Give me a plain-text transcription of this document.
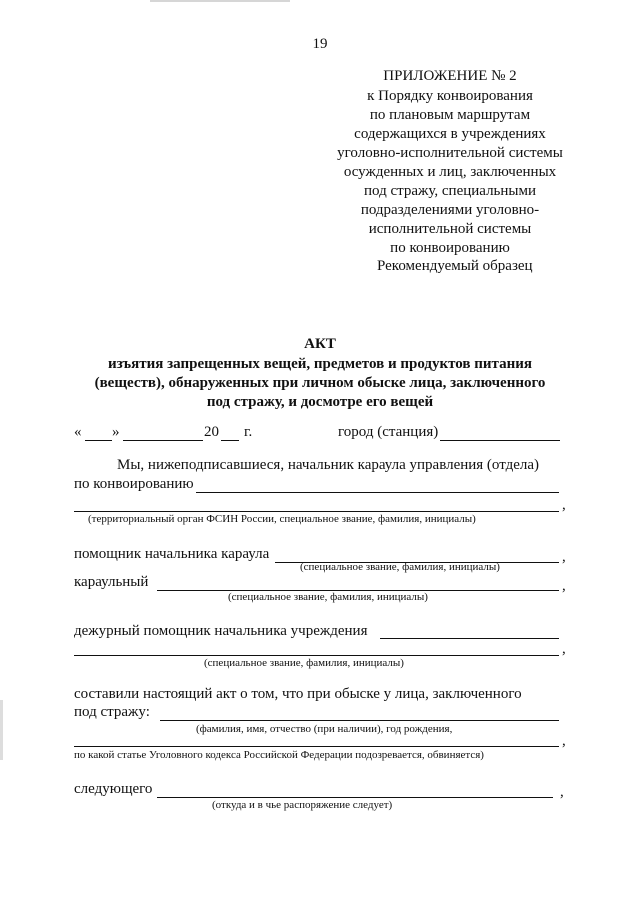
19
ПРИЛОЖЕНИЕ № 2
к Порядку конвоирования
по плановым маршрутам
содержащихся в учреждениях
уголовно-исполнительной системы
осужденных и лиц, заключенных
под стражу, специальными
подразделениями уголовно-
исполнительной системы
по конвоированию
Рекомендуемый образец
АКТ
изъятия запрещенных вещей, предметов и продуктов питания
(веществ), обнаруженных при личном обыске лица, заключенного
под стражу, и досмотре его вещей
« »	20 г.	город (станция)
Мы, нижеподписавшиеся, начальник караула управления (отдела)
по конвоированию
,
(территориальный орган ФСИН России, специальное звание, фамилия, инициалы)
помощник начальника караула	,
(специальное звание, фамилия, инициалы)
караульный	,
(специальное звание, фамилия, инициалы)
дежурный помощник начальника учреждения
,
(специальное звание, фамилия, инициалы)
составили настоящий акт о том, что при обыске у лица, заключенного
под стражу:
(фамилия, имя, отчество (при наличии), год рождения,
,
по какой статье Уголовного кодекса Российской Федерации подозревается, обвиняется)
следующего	,
(откуда и в чье распоряжение следует)
